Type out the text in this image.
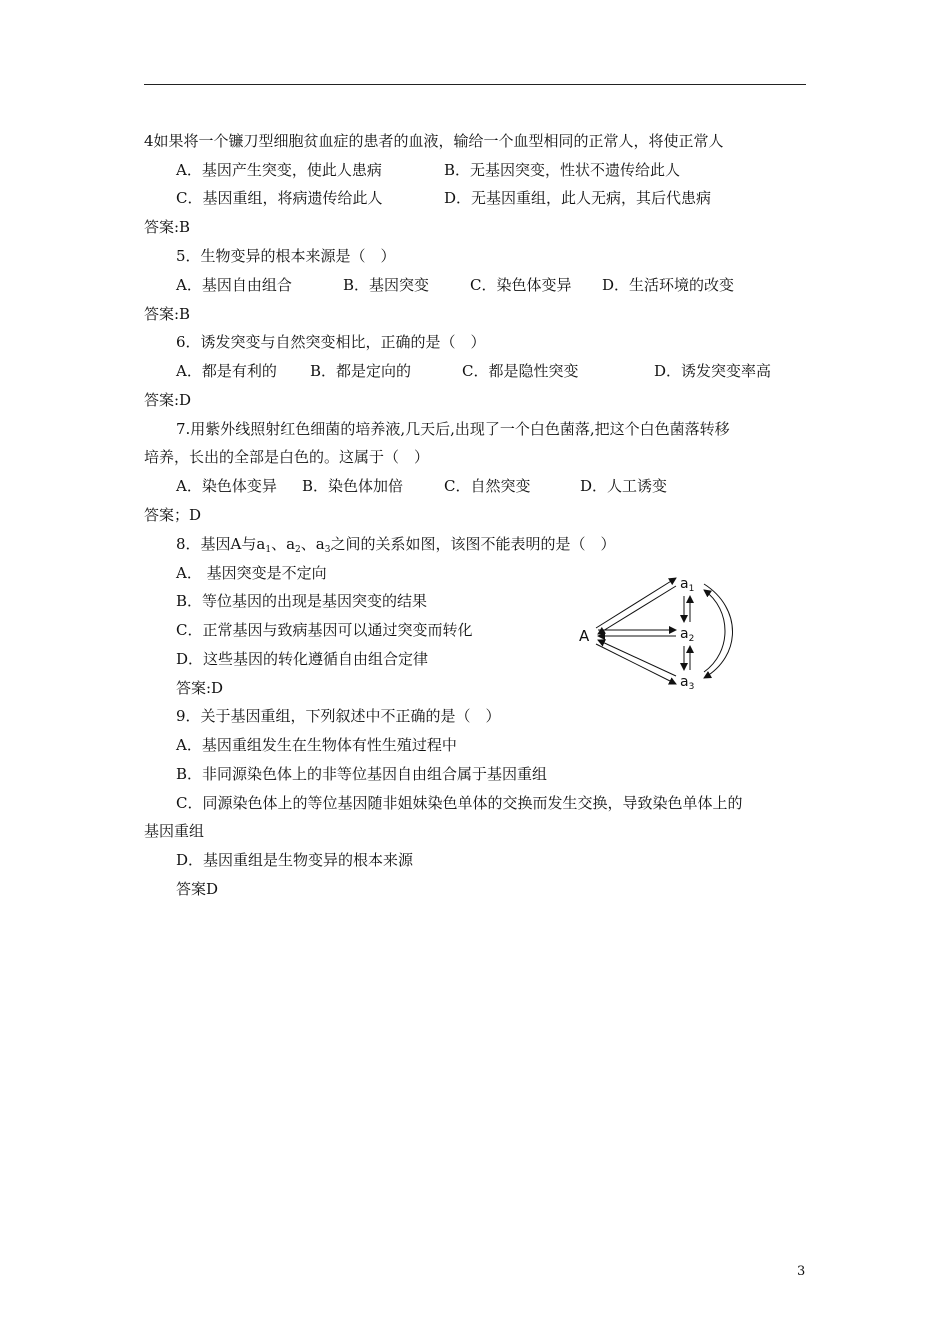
4如果将一个镰刀型细胞贫血症的患者的血液，输给一个血型相同的正常人，将使正常人
A．基因产生突变，使此人患病	B．无基因突变，性状不遗传给此人
C．基因重组，将病遗传给此人	D．无基因重组，此人无病，其后代患病
答案:B
5．生物变异的根本来源是（　）
A．基因自由组合	B．基因突变	C．染色体变异 D．生活环境的改变
答案:B
6．诱发突变与自然突变相比，正确的是（　）
A．都是有利的 B．都是定向的	C．都是隐性突变	D．诱发突变率高
答案:D
7.用紫外线照射红色细菌的培养液,几天后,出现了一个白色菌落,把这个白色菌落转移
培养，长出的全部是白色的。这属于（　）
A．染色体变异 B．染色体加倍	C．自然突变	D．人工诱变
答案；D
8．基因A与$a_1$、$a_2$、$a_3$之间的关系如图，该图不能表明的是（　）
A． 基因突变是不定向
B．等位基因的出现是基因突变的结果
C．正常基因与致病基因可以通过突变而转化
D．这些基因的转化遵循自由组合定律
答案:D
A
$a_1$
$a_2$
$a_3$
9．关于基因重组，下列叙述中不正确的是（　）
A．基因重组发生在生物体有性生殖过程中
B．非同源染色体上的非等位基因自由组合属于基因重组
C．同源染色体上的等位基因随非姐妹染色单体的交换而发生交换，导致染色单体上的
基因重组
D．基因重组是生物变异的根本来源
答案D
3
